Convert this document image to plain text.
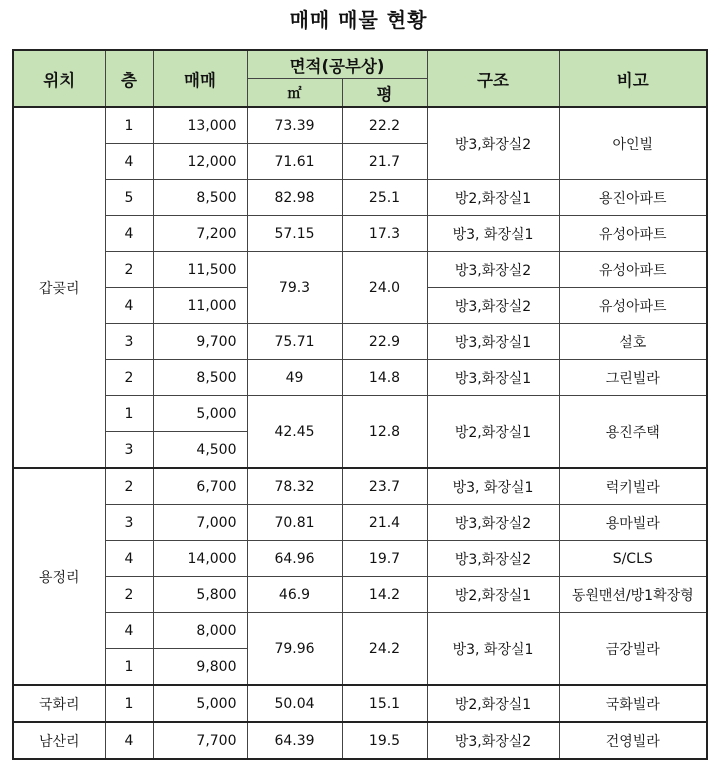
매매 매물 현황
위치	층	매매	면적(공부상)		구조	비고
			㎡	평		
갑곶리	1	13,000	73.39	22.2	방3,화장실2	아인빌
	4	12,000	71.61	21.7		
	5	8,500	82.98	25.1	방2,화장실1	용진아파트
	4	7,200	57.15	17.3	방3, 화장실1	유성아파트
	2	11,500	79.3	24.0	방3,화장실2	유성아파트
	4	11,000			방3,화장실2	유성아파트
	3	9,700	75.71	22.9	방3,화장실1	설호
	2	8,500	49	14.8	방3,화장실1	그린빌라
	1	5,000	42.45	12.8	방2,화장실1	용진주택
	3	4,500				
용정리	2	6,700	78.32	23.7	방3, 화장실1	럭키빌라
	3	7,000	70.81	21.4	방3,화장실2	용마빌라
	4	14,000	64.96	19.7	방3,화장실2	S/CLS
	2	5,800	46.9	14.2	방2,화장실1	동원맨션/방1확장형
	4	8,000	79.96	24.2	방3, 화장실1	금강빌라
	1	9,800				
국화리	1	5,000	50.04	15.1	방2,화장실1	국화빌라
남산리	4	7,700	64.39	19.5	방3,화장실2	건영빌라
